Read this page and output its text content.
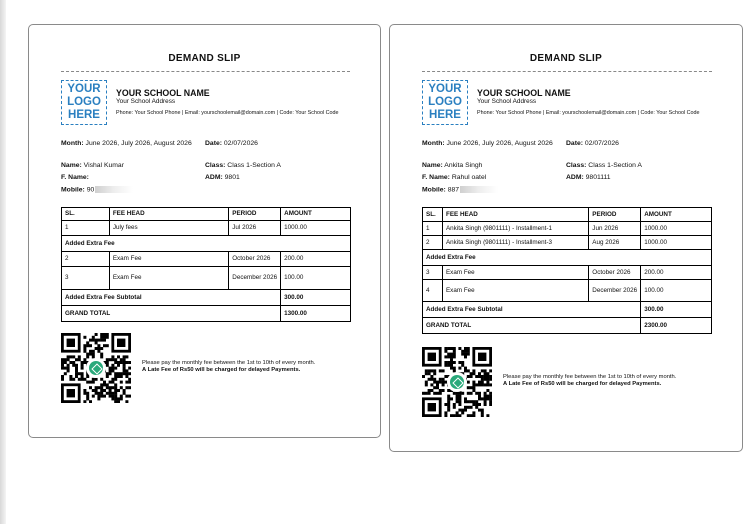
DEMAND SLIP
YOUR
LOGO
HERE
YOUR SCHOOL NAME
Your School Address
Phone: Your School Phone | Email: yourschoolemail@domain.com | Code: Your School Code
Month: June 2026, July 2026, August 2026	Date: 02/07/2026
Name: Vishal Kumar	Class: Class 1-Section A
F. Name:	ADM: 9801
Mobile: 90
SL.	FEE HEAD	PERIOD	AMOUNT
1	July fees	Jul 2026	1000.00
Added Extra Fee			
2	Exam Fee	October 2026	200.00
3	Exam Fee	December 2026	100.00
Added Extra Fee Subtotal			300.00
GRAND TOTAL			1300.00
Please pay the monthly fee between the 1st to 10th of every month.
A Late Fee of Rs50 will be charged for delayed Payments.
DEMAND SLIP
YOUR
LOGO
HERE
YOUR SCHOOL NAME
Your School Address
Phone: Your School Phone | Email: yourschoolemail@domain.com | Code: Your School Code
Month: June 2026, July 2026, August 2026	Date: 02/07/2026
Name: Ankita Singh	Class: Class 1-Section A
F. Name: Rahul oatel	ADM: 9801111
Mobile: 887
SL.	FEE HEAD	PERIOD	AMOUNT
1	Ankita Singh (9801111) - Installment-1	Jun 2026	1000.00
2	Ankita Singh (9801111) - Installment-3	Aug 2026	1000.00
Added Extra Fee			
3	Exam Fee	October 2026	200.00
4	Exam Fee	December 2026	100.00
Added Extra Fee Subtotal			300.00
GRAND TOTAL			2300.00
Please pay the monthly fee between the 1st to 10th of every month.
A Late Fee of Rs50 will be charged for delayed Payments.
